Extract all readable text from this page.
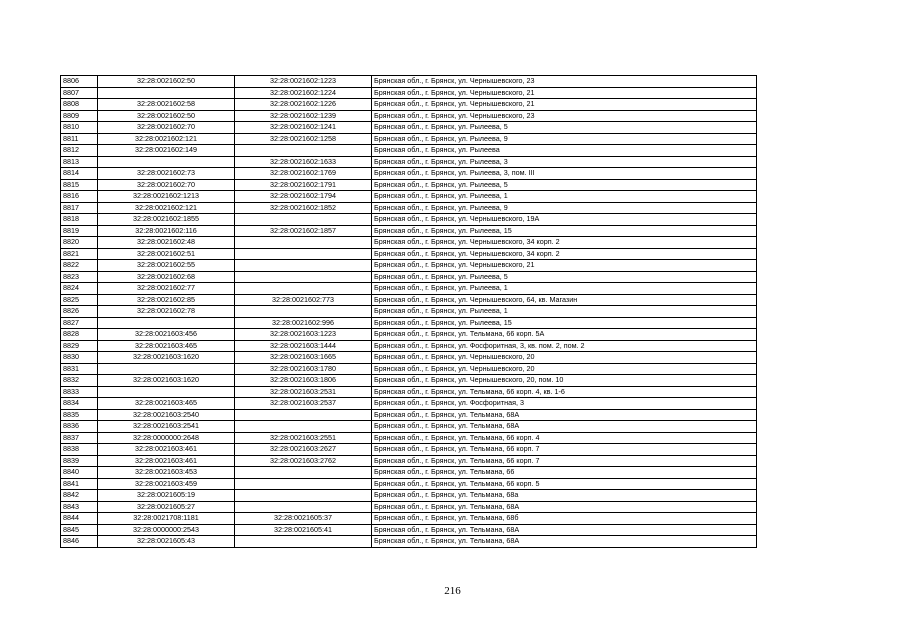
8806	32:28:0021602:50	32:28:0021602:1223	Брянская обл., г. Брянск, ул. Чернышевского, 23
8807		32:28:0021602:1224	Брянская обл., г. Брянск, ул. Чернышевского, 21
8808	32:28:0021602:58	32:28:0021602:1226	Брянская обл., г. Брянск, ул. Чернышевского, 21
8809	32:28:0021602:50	32:28:0021602:1239	Брянская обл., г. Брянск, ул. Чернышевского, 23
8810	32:28:0021602:70	32:28:0021602:1241	Брянская обл., г. Брянск, ул. Рылеева, 5
8811	32:28:0021602:121	32:28:0021602:1258	Брянская обл., г. Брянск, ул. Рылеева, 9
8812	32:28:0021602:149		Брянская обл., г. Брянск, ул. Рылеева
8813		32:28:0021602:1633	Брянская обл., г. Брянск, ул. Рылеева, 3
8814	32:28:0021602:73	32:28:0021602:1769	Брянская обл., г. Брянск, ул. Рылеева, 3, пом. III
8815	32:28:0021602:70	32:28:0021602:1791	Брянская обл., г. Брянск, ул. Рылеева, 5
8816	32:28:0021602:1213	32:28:0021602:1794	Брянская обл., г. Брянск, ул. Рылеева, 1
8817	32:28:0021602:121	32:28:0021602:1852	Брянская обл., г. Брянск, ул. Рылеева, 9
8818	32:28:0021602:1855		Брянская обл., г. Брянск, ул. Чернышевского, 19А
8819	32:28:0021602:116	32:28:0021602:1857	Брянская обл., г. Брянск, ул. Рылеева, 15
8820	32:28:0021602:48		Брянская обл., г. Брянск, ул. Чернышевского, 34 корп. 2
8821	32:28:0021602:51		Брянская обл., г. Брянск, ул. Чернышевского, 34 корп. 2
8822	32:28:0021602:55		Брянская обл., г. Брянск, ул. Чернышевского, 21
8823	32:28:0021602:68		Брянская обл., г. Брянск, ул. Рылеева, 5
8824	32:28:0021602:77		Брянская обл., г. Брянск, ул. Рылеева, 1
8825	32:28:0021602:85	32:28:0021602:773	Брянская обл., г. Брянск, ул. Чернышевского, 64, кв. Магазин
8826	32:28:0021602:78		Брянская обл., г. Брянск, ул. Рылеева, 1
8827		32:28:0021602:996	Брянская обл., г. Брянск, ул. Рылеева, 15
8828	32:28:0021603:456	32:28:0021603:1223	Брянская обл., г. Брянск, ул. Тельмана, 66 корп. 5А
8829	32:28:0021603:465	32:28:0021603:1444	Брянская обл., г. Брянск, ул. Фосфоритная, 3, кв. пом. 2, пом. 2
8830	32:28:0021603:1620	32:28:0021603:1665	Брянская обл., г. Брянск, ул. Чернышевского, 20
8831		32:28:0021603:1780	Брянская обл., г. Брянск, ул. Чернышевского, 20
8832	32:28:0021603:1620	32:28:0021603:1806	Брянская обл., г. Брянск, ул. Чернышевского, 20, пом. 10
8833		32:28:0021603:2531	Брянская обл., г. Брянск, ул. Тельмана, 66 корп. 4, кв. 1-6
8834	32:28:0021603:465	32:28:0021603:2537	Брянская обл., г. Брянск, ул. Фосфоритная, 3
8835	32:28:0021603:2540		Брянская обл., г. Брянск, ул. Тельмана, 68А
8836	32:28:0021603:2541		Брянская обл., г. Брянск, ул. Тельмана, 68А
8837	32:28:0000000:2648	32:28:0021603:2551	Брянская обл., г. Брянск, ул. Тельмана, 66 корп. 4
8838	32:28:0021603:461	32:28:0021603:2627	Брянская обл., г. Брянск, ул. Тельмана, 66 корп. 7
8839	32:28:0021603:461	32:28:0021603:2762	Брянская обл., г. Брянск, ул. Тельмана, 66 корп. 7
8840	32:28:0021603:453		Брянская обл., г. Брянск, ул. Тельмана, 66
8841	32:28:0021603:459		Брянская обл., г. Брянск, ул. Тельмана, 66 корп. 5
8842	32:28:0021605:19		Брянская обл., г. Брянск, ул. Тельмана, 68а
8843	32:28:0021605:27		Брянская обл., г. Брянск, ул. Тельмана, 68А
8844	32:28:0021708:1181	32:28:0021605:37	Брянская обл., г. Брянск, ул. Тельмана, 68б
8845	32:28:0000000:2543	32:28:0021605:41	Брянская обл., г. Брянск, ул. Тельмана, 68А
8846	32:28:0021605:43		Брянская обл., г. Брянск, ул. Тельмана, 68А
216
